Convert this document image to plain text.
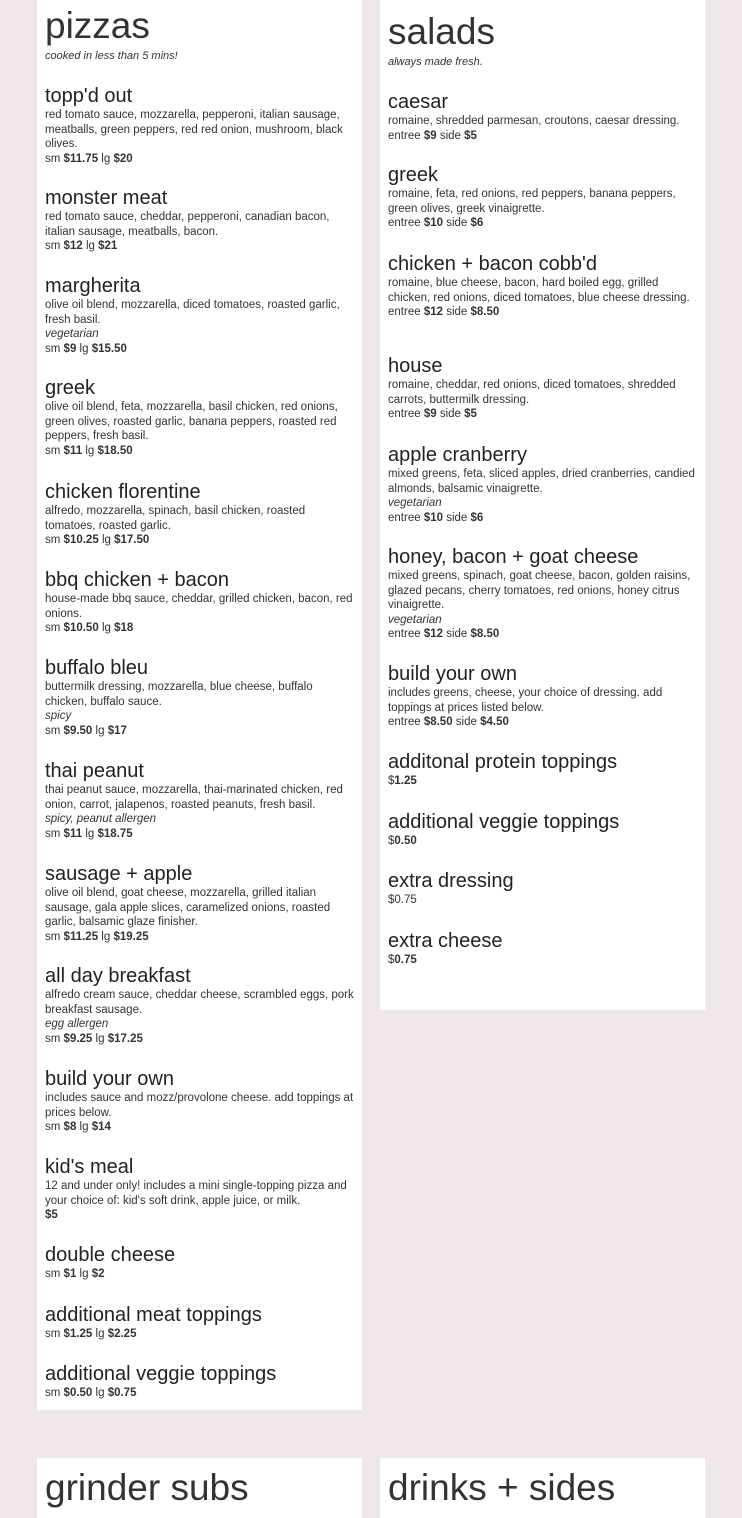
pizzas

cooked in less than 5 mins!

topp'd out

red tomato sauce, mozzarella, pepperoni, italian sausage, meatballs, green peppers, red red onion, mushroom, black olives.

sm $11.75 lg $20

monster meat

red tomato sauce, cheddar, pepperoni, canadian bacon, italian sausage, meatballs, bacon.

sm $12 lg $21

margherita

olive oil blend, mozzarella, diced tomatoes, roasted garlic, fresh basil.

vegetarian

sm $9 lg $15.50

greek

olive oil blend, feta, mozzarella, basil chicken, red onions, green olives, roasted garlic, banana peppers, roasted red peppers, fresh basil.

sm $11 lg $18.50

chicken florentine

alfredo, mozzarella, spinach, basil chicken, roasted tomatoes, roasted garlic.

sm $10.25 lg $17.50

bbq chicken + bacon

house-made bbq sauce, cheddar, grilled chicken, bacon, red onions.

sm $10.50 lg $18

buffalo bleu

buttermilk dressing, mozzarella, blue cheese, buffalo chicken, buffalo sauce.

spicy

sm $9.50 lg $17

thai peanut

thai peanut sauce, mozzarella, thai-marinated chicken, red onion, carrot, jalapenos, roasted peanuts, fresh basil.

spicy, peanut allergen

sm $11 lg $18.75

sausage + apple

olive oil blend, goat cheese, mozzarella, grilled italian sausage, gala apple slices, caramelized onions, roasted garlic, balsamic glaze finisher.

sm $11.25 lg $19.25

all day breakfast

alfredo cream sauce, cheddar cheese, scrambled eggs, pork breakfast sausage.

egg allergen

sm $9.25 lg $17.25

build your own

includes sauce and mozz/provolone cheese. add toppings at prices below.

sm $8 lg $14

kid's meal

12 and under only! includes a mini single-topping pizza and your choice of: kid's soft drink, apple juice, or milk.

$5

double cheese

sm $1 lg $2

additional meat toppings

sm $1.25 lg $2.25

additional veggie toppings

sm $0.50 lg $0.75

salads

always made fresh.

caesar

romaine, shredded parmesan, croutons, caesar dressing.

entree $9 side $5

greek

romaine, feta, red onions, red peppers, banana peppers, green olives, greek vinaigrette.

entree $10 side $6

chicken + bacon cobb'd

romaine, blue cheese, bacon, hard boiled egg, grilled chicken, red onions, diced tomatoes, blue cheese dressing.

entree $12 side $8.50

house

romaine, cheddar, red onions, diced tomatoes, shredded carrots, buttermilk dressing.

entree $9 side $5

apple cranberry

mixed greens, feta, sliced apples, dried cranberries, candied almonds, balsamic vinaigrette.

vegetarian

entree $10 side $6

honey, bacon + goat cheese

mixed greens, spinach, goat cheese, bacon, golden raisins, glazed pecans, cherry tomatoes, red onions, honey citrus vinaigrette.

vegetarian

entree $12 side $8.50

build your own

includes greens, cheese, your choice of dressing. add toppings at prices listed below.

entree $8.50 side $4.50

additonal protein toppings

$1.25

additional veggie toppings

$0.50

extra dressing

$0.75

extra cheese

$0.75

grinder subs	drinks + sides
